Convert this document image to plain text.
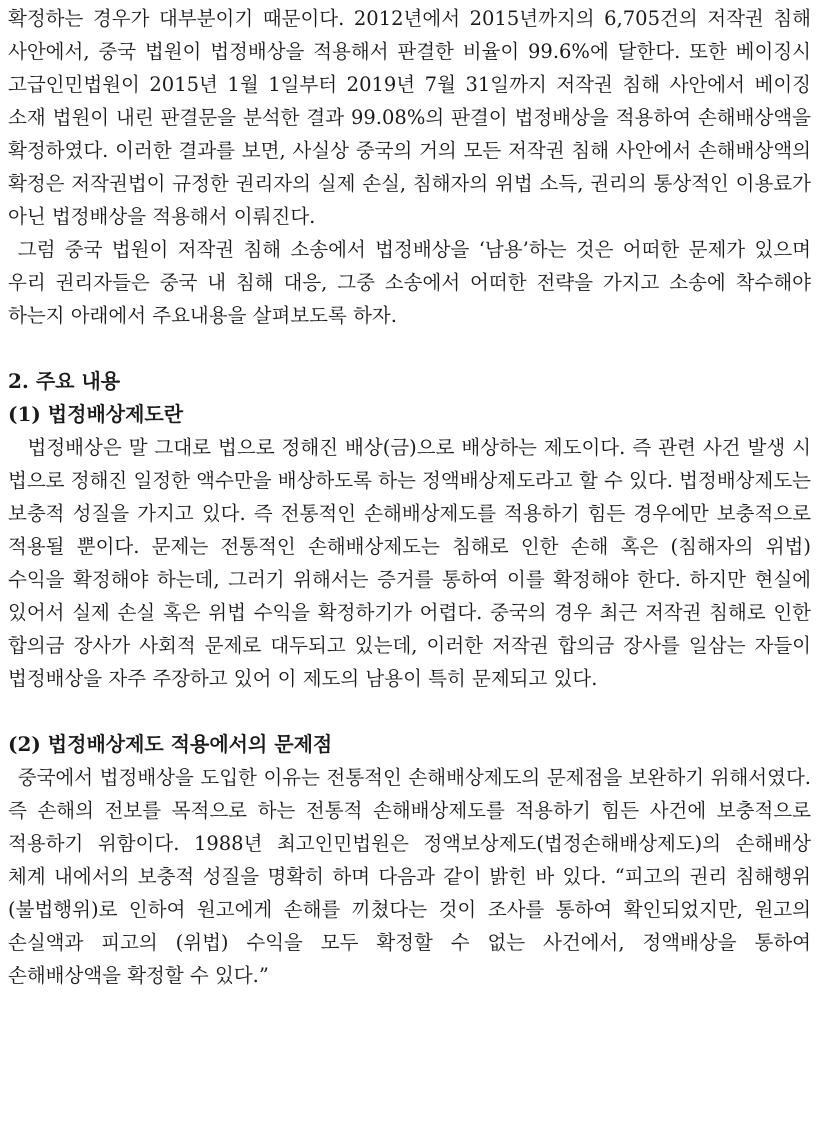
확정하는 경우가 대부분이기 때문이다. 2012년에서 2015년까지의 6,705건의 저작권 침해 사안에서, 중국 법원이 법정배상을 적용해서 판결한 비율이 99.6%에 달한다. 또한 베이징시 고급인민법원이 2015년 1월 1일부터 2019년 7월 31일까지 저작권 침해 사안에서 베이징 소재 법원이 내린 판결문을 분석한 결과 99.08%의 판결이 법정배상을 적용하여 손해배상액을 확정하였다. 이러한 결과를 보면, 사실상 중국의 거의 모든 저작권 침해 사안에서 손해배상액의 확정은 저작권법이 규정한 권리자의 실제 손실, 침해자의 위법 소득, 권리의 통상적인 이용료가 아닌 법정배상을 적용해서 이뤄진다.

그럼 중국 법원이 저작권 침해 소송에서 법정배상을 ‘남용’하는 것은 어떠한 문제가 있으며 우리 권리자들은 중국 내 침해 대응, 그중 소송에서 어떠한 전략을 가지고 소송에 착수해야 하는지 아래에서 주요내용을 살펴보도록 하자.

2. 주요 내용
(1) 법정배상제도란

법정배상은 말 그대로 법으로 정해진 배상(금)으로 배상하는 제도이다. 즉 관련 사건 발생 시 법으로 정해진 일정한 액수만을 배상하도록 하는 정액배상제도라고 할 수 있다. 법정배상제도는 보충적 성질을 가지고 있다. 즉 전통적인 손해배상제도를 적용하기 힘든 경우에만 보충적으로 적용될 뿐이다. 문제는 전통적인 손해배상제도는 침해로 인한 손해 혹은 (침해자의 위법) 수익을 확정해야 하는데, 그러기 위해서는 증거를 통하여 이를 확정해야 한다. 하지만 현실에 있어서 실제 손실 혹은 위법 수익을 확정하기가 어렵다. 중국의 경우 최근 저작권 침해로 인한 합의금 장사가 사회적 문제로 대두되고 있는데, 이러한 저작권 합의금 장사를 일삼는 자들이 법정배상을 자주 주장하고 있어 이 제도의 남용이 특히 문제되고 있다.

(2) 법정배상제도 적용에서의 문제점

중국에서 법정배상을 도입한 이유는 전통적인 손해배상제도의 문제점을 보완하기 위해서였다. 즉 손해의 전보를 목적으로 하는 전통적 손해배상제도를 적용하기 힘든 사건에 보충적으로 적용하기 위함이다. 1988년 최고인민법원은 정액보상제도(법정손해배상제도)의 손해배상 체계 내에서의 보충적 성질을 명확히 하며 다음과 같이 밝힌 바 있다. “피고의 권리 침해행위(불법행위)로 인하여 원고에게 손해를 끼쳤다는 것이 조사를 통하여 확인되었지만, 원고의 손실액과 피고의 (위법) 수익을 모두 확정할 수 없는 사건에서, 정액배상을 통하여 손해배상액을 확정할 수 있다.”
